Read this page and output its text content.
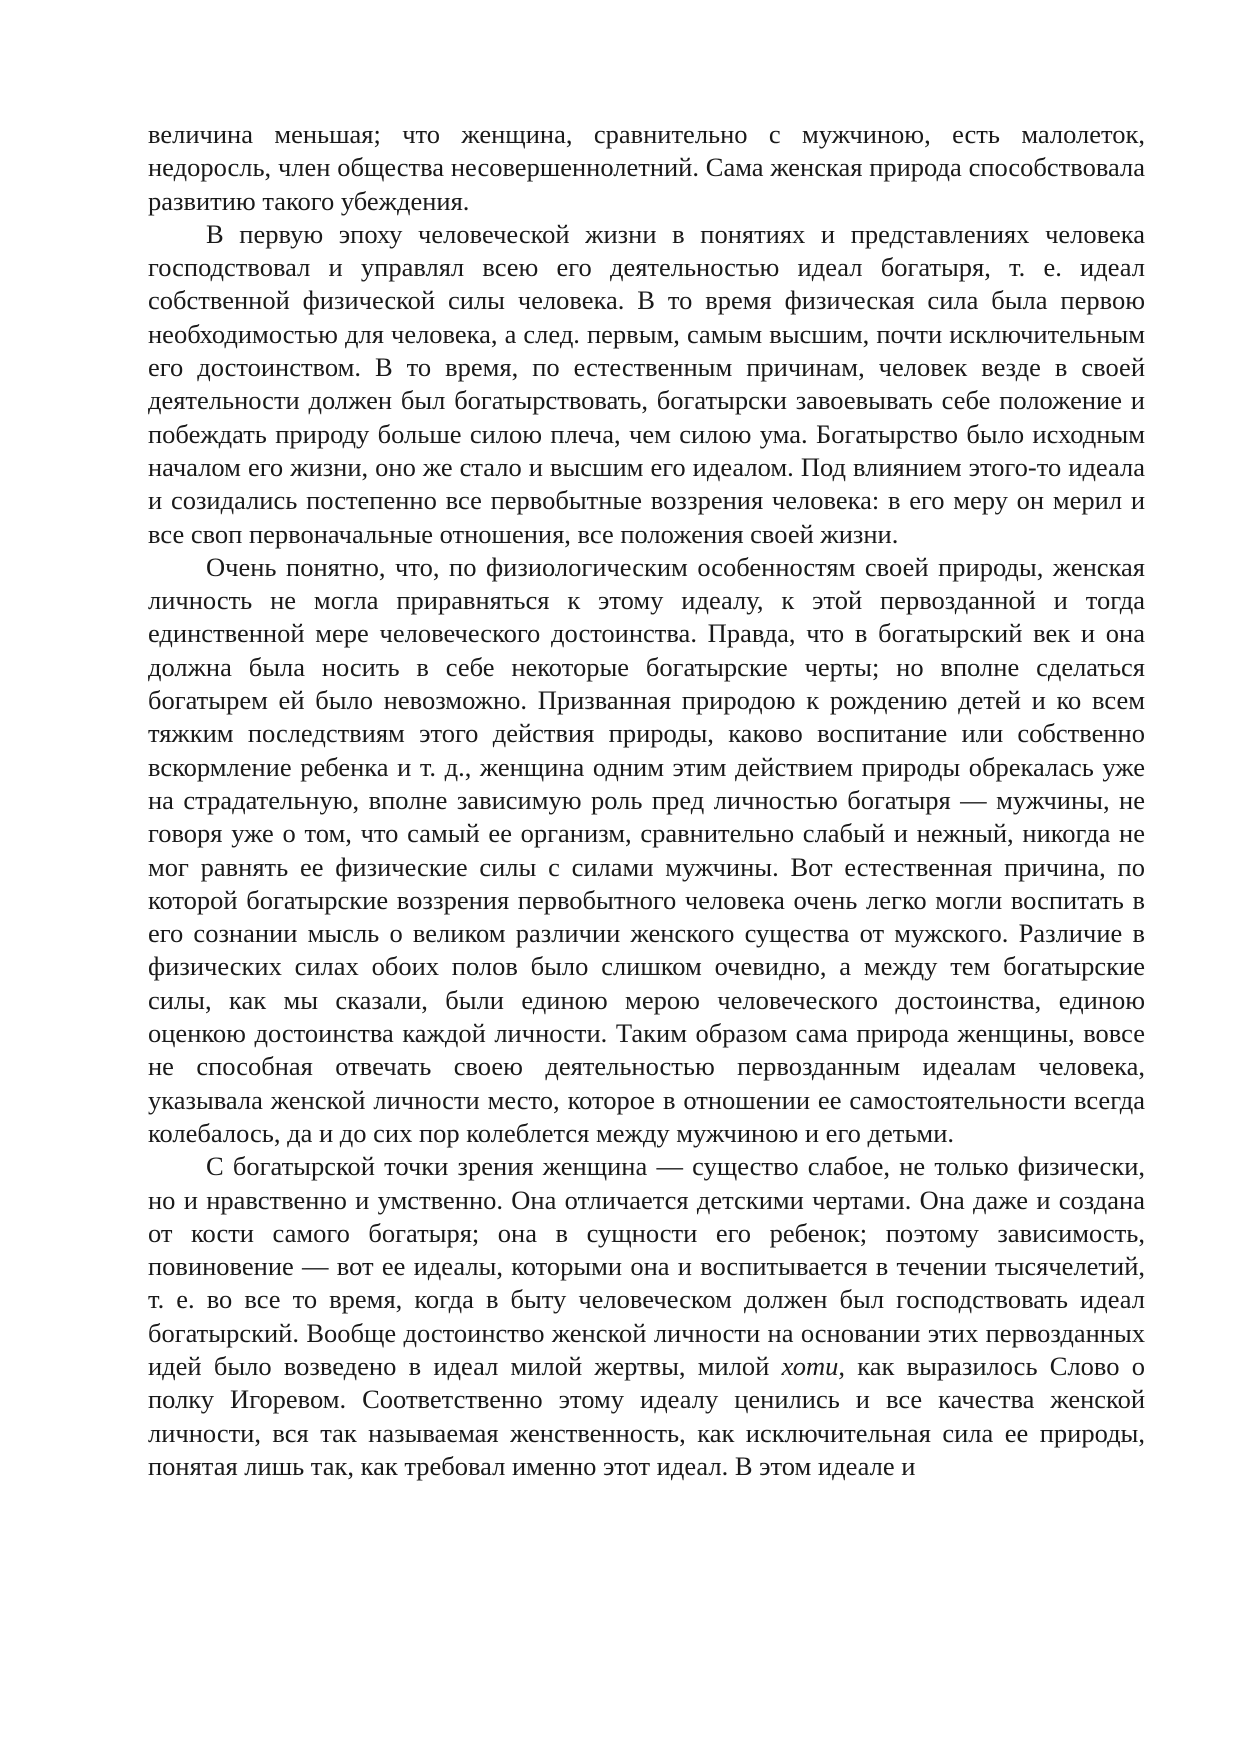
величина меньшая; что женщина, сравнительно с мужчиною, есть малолеток, недоросль, член общества несовершеннолетний. Сама женская природа способствовала развитию такого убеждения.

В первую эпоху человеческой жизни в понятиях и представлениях человека господствовал и управлял всею его деятельностью идеал богатыря, т. е. идеал собственной физической силы человека. В то время физическая сила была первою необходимостью для человека, а след. первым, самым высшим, почти исключительным его достоинством. В то время, по естественным причинам, человек везде в своей деятельности должен был богатырствовать, богатырски завоевывать себе положение и побеждать природу больше силою плеча, чем силою ума. Богатырство было исходным началом его жизни, оно же стало и высшим его идеалом. Под влиянием этого-то идеала и созидались постепенно все первобытные воззрения человека: в его меру он мерил и все своп первоначальные отношения, все положения своей жизни.

Очень понятно, что, по физиологическим особенностям своей природы, женская личность не могла приравняться к этому идеалу, к этой первозданной и тогда единственной мере человеческого достоинства. Правда, что в богатырский век и она должна была носить в себе некоторые богатырские черты; но вполне сделаться богатырем ей было невозможно. Призванная природою к рождению детей и ко всем тяжким последствиям этого действия природы, каково воспитание или собственно вскормление ребенка и т. д., женщина одним этим действием природы обрекалась уже на страдательную, вполне зависимую роль пред личностью богатыря — мужчины, не говоря уже о том, что самый ее организм, сравнительно слабый и нежный, никогда не мог равнять ее физические силы с силами мужчины. Вот естественная причина, по которой богатырские воззрения первобытного человека очень легко могли воспитать в его сознании мысль о великом различии женского существа от мужского. Различие в физических силах обоих полов было слишком очевидно, а между тем богатырские силы, как мы сказали, были единою мерою человеческого достоинства, единою оценкою достоинства каждой личности. Таким образом сама природа женщины, вовсе не способная отвечать своею деятельностью первозданным идеалам человека, указывала женской личности место, которое в отношении ее самостоятельности всегда колебалось, да и до сих пор колеблется между мужчиною и его детьми.

С богатырской точки зрения женщина — существо слабое, не только физически, но и нравственно и умственно. Она отличается детскими чертами. Она даже и создана от кости самого богатыря; она в сущности его ребенок; поэтому зависимость, повиновение — вот ее идеалы, которыми она и воспитывается в течении тысячелетий, т. е. во все то время, когда в быту человеческом должен был господствовать идеал богатырский. Вообще достоинство женской личности на основании этих первозданных идей было возведено в идеал милой жертвы, милой хоти, как выразилось Слово о полку Игоревом. Соответственно этому идеалу ценились и все качества женской личности, вся так называемая женственность, как исключительная сила ее природы, понятая лишь так, как требовал именно этот идеал. В этом идеале и
